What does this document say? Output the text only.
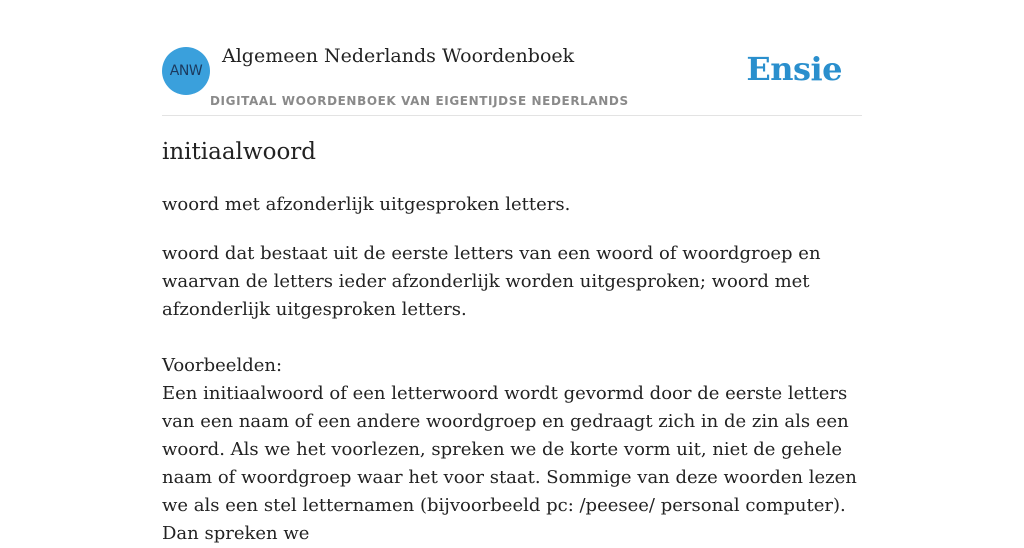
ANW
Algemeen Nederlands Woordenboek
DIGITAAL WOORDENBOEK VAN EIGENTIJDSE NEDERLANDS
Ensie
initiaalwoord

woord met afzonderlijk uitgesproken letters.

woord dat bestaat uit de eerste letters van een woord of woordgroep en waarvan de letters ieder afzonderlijk worden uitgesproken; woord met afzonderlijk uitgesproken letters.

Voorbeelden:

Een initiaalwoord of een letterwoord wordt gevormd door de eerste letters van een naam of een andere woordgroep en gedraagt zich in de zin als een woord. Als we het voorlezen, spreken we de korte vorm uit, niet de gehele naam of woordgroep waar het voor staat. Sommige van deze woorden lezen we als een stel letternamen (bijvoorbeeld pc: /peesee/ personal computer). Dan spreken we
